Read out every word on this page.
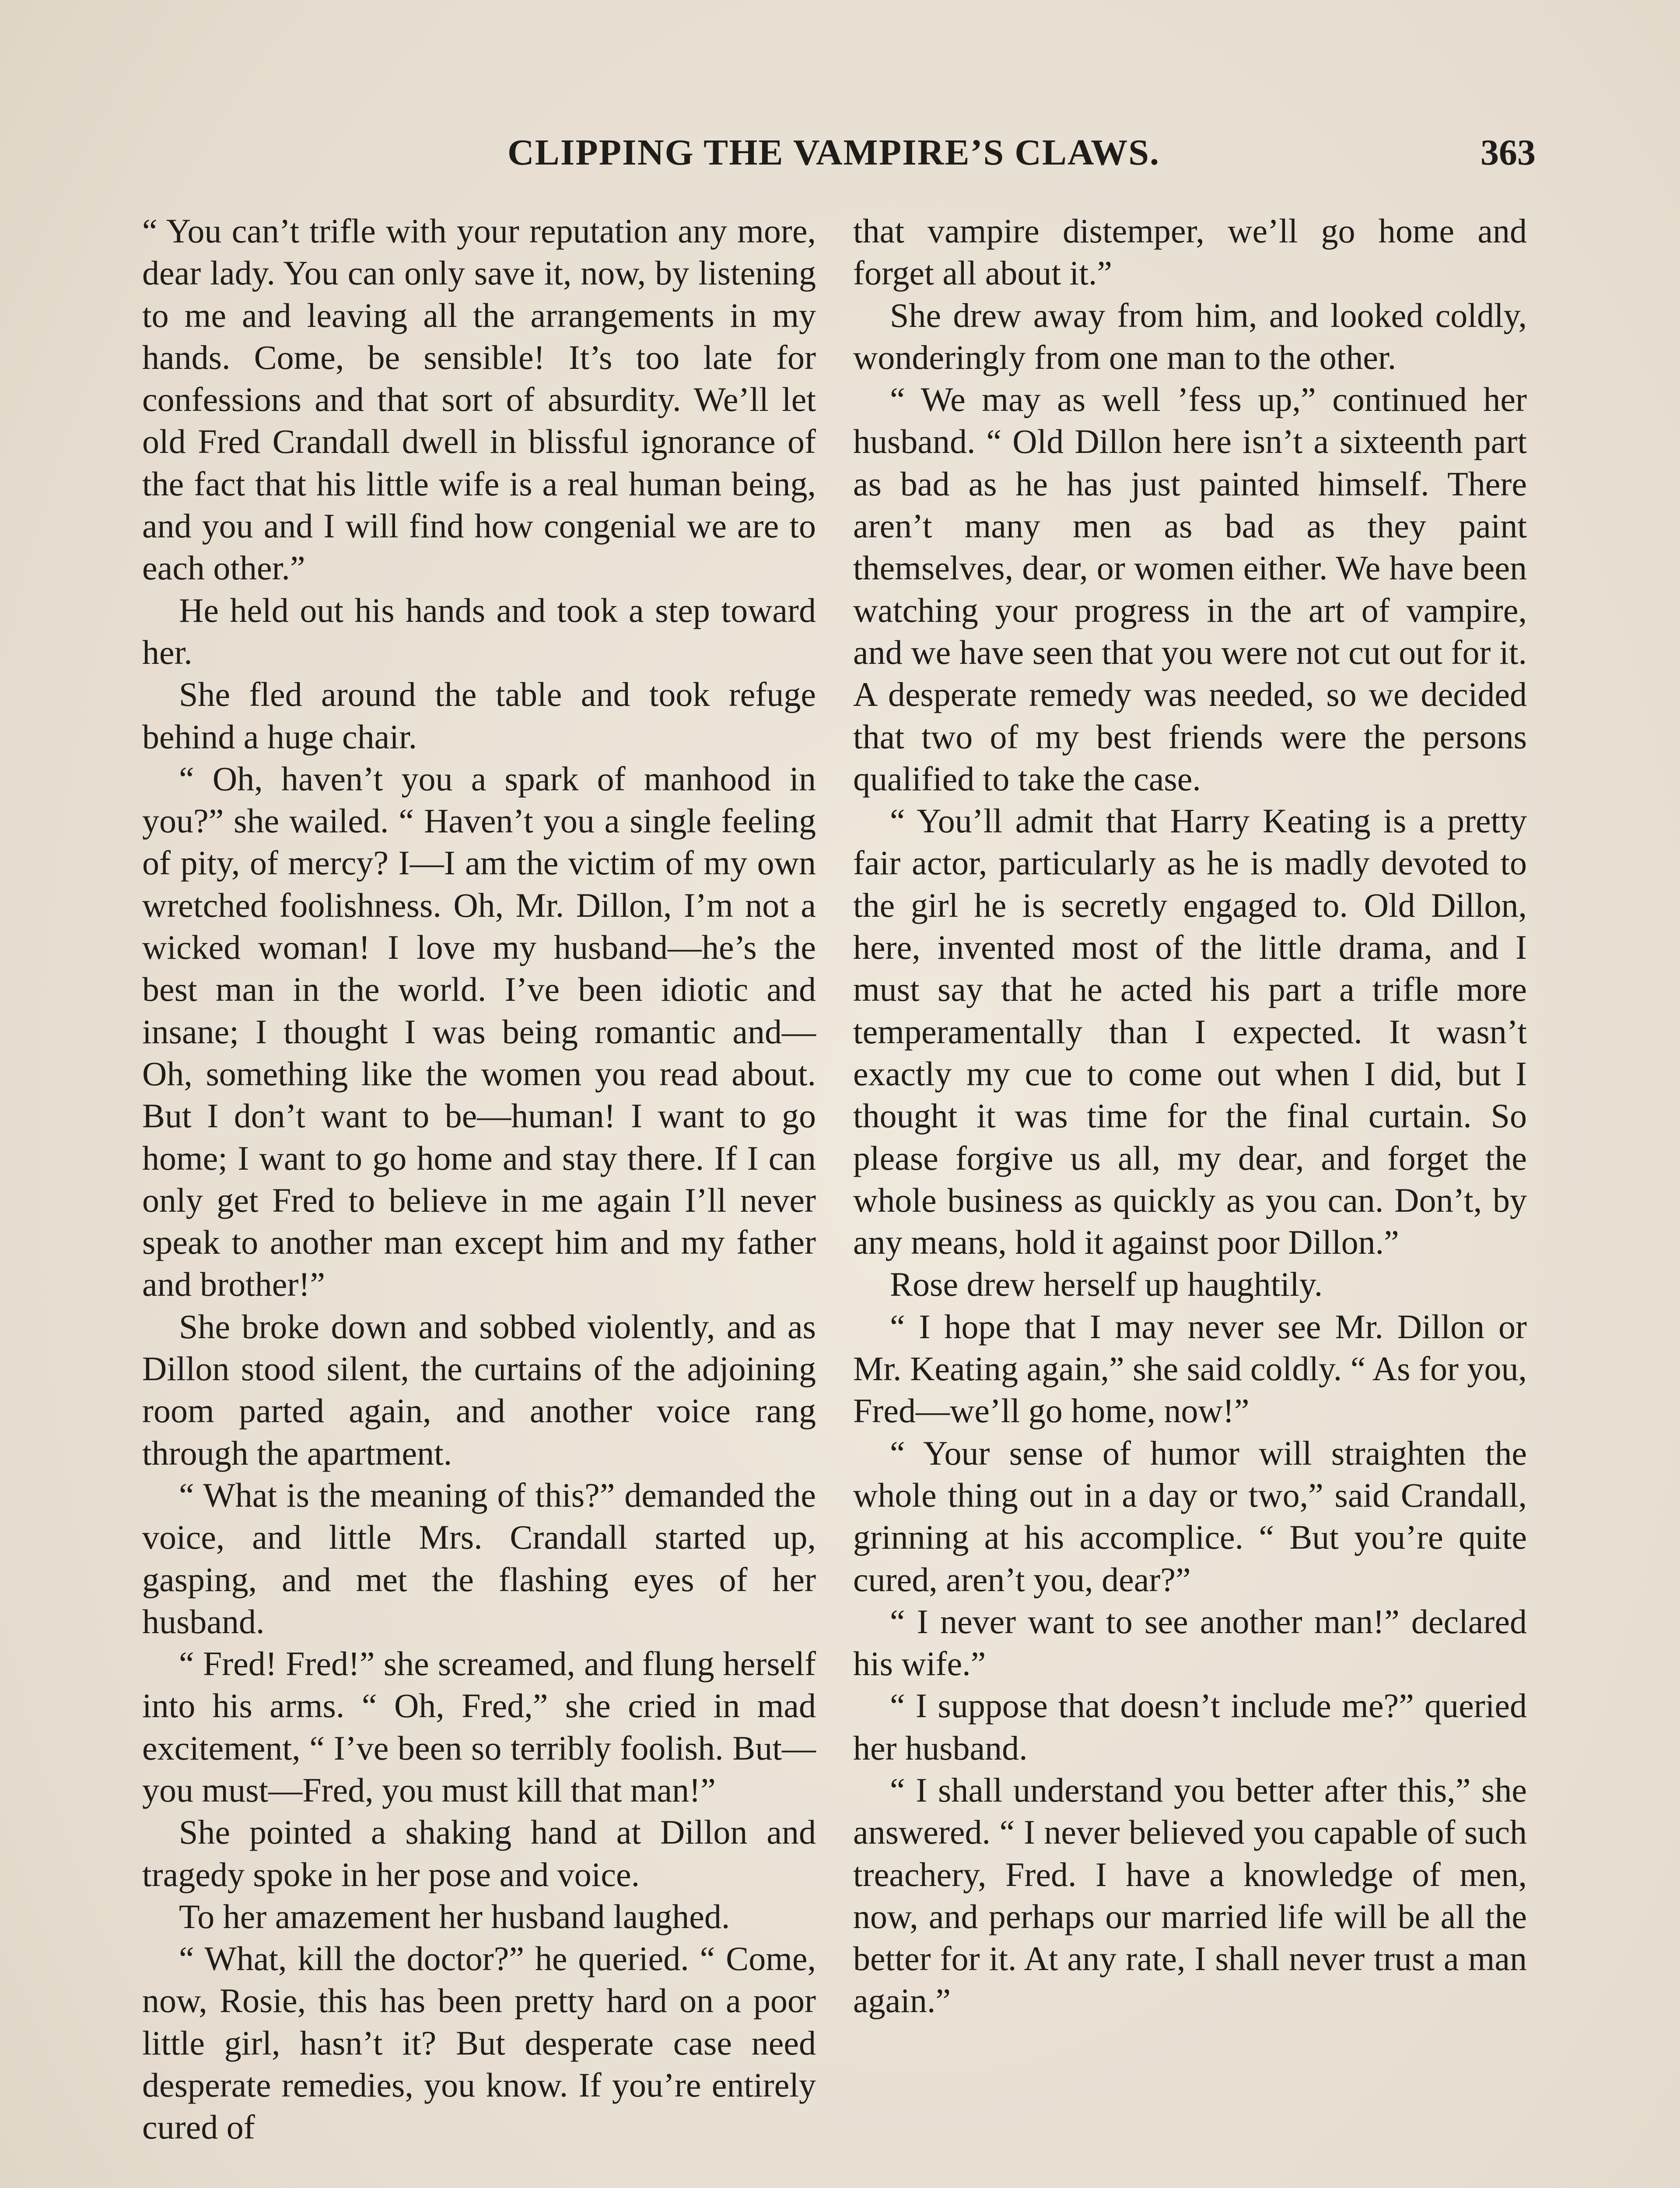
CLIPPING THE VAMPIRE’S CLAWS.	363

“ You can’t trifle with your reputation any more, dear lady. You can only save it, now, by listening to me and leaving all the arrangements in my hands. Come, be sensible! It’s too late for confessions and that sort of absurdity. We’ll let old Fred Crandall dwell in blissful ignorance of the fact that his little wife is a real human being, and you and I will find how congenial we are to each other.”

He held out his hands and took a step toward her.

She fled around the table and took refuge behind a huge chair.

“ Oh, haven’t you a spark of manhood in you?” she wailed. “ Haven’t you a single feeling of pity, of mercy? I—I am the victim of my own wretched foolishness. Oh, Mr. Dillon, I’m not a wicked woman! I love my husband—he’s the best man in the world. I’ve been idiotic and insane; I thought I was being romantic and— Oh, something like the women you read about. But I don’t want to be—human! I want to go home; I want to go home and stay there. If I can only get Fred to believe in me again I’ll never speak to another man except him and my father and brother!”

She broke down and sobbed violently, and as Dillon stood silent, the curtains of the adjoining room parted again, and another voice rang through the apartment.

“ What is the meaning of this?” demanded the voice, and little Mrs. Crandall started up, gasping, and met the flashing eyes of her husband.

“ Fred! Fred!” she screamed, and flung herself into his arms. “ Oh, Fred,” she cried in mad excitement, “ I’ve been so terribly foolish. But—you must—Fred, you must kill that man!”

She pointed a shaking hand at Dillon and tragedy spoke in her pose and voice.

To her amazement her husband laughed.

“ What, kill the doctor?” he queried. “ Come, now, Rosie, this has been pretty hard on a poor little girl, hasn’t it? But desperate case need desperate remedies, you know. If you’re entirely cured of

that vampire distemper, we’ll go home and forget all about it.”

She drew away from him, and looked coldly, wonderingly from one man to the other.

“ We may as well ’fess up,” continued her husband. “ Old Dillon here isn’t a sixteenth part as bad as he has just painted himself. There aren’t many men as bad as they paint themselves, dear, or women either. We have been watching your progress in the art of vampire, and we have seen that you were not cut out for it. A desperate remedy was needed, so we decided that two of my best friends were the persons qualified to take the case.

“ You’ll admit that Harry Keating is a pretty fair actor, particularly as he is madly devoted to the girl he is secretly engaged to. Old Dillon, here, invented most of the little drama, and I must say that he acted his part a trifle more temperamentally than I expected. It wasn’t exactly my cue to come out when I did, but I thought it was time for the final curtain. So please forgive us all, my dear, and forget the whole business as quickly as you can. Don’t, by any means, hold it against poor Dillon.”

Rose drew herself up haughtily.

“ I hope that I may never see Mr. Dillon or Mr. Keating again,” she said coldly. “ As for you, Fred—we’ll go home, now!”

“ Your sense of humor will straighten the whole thing out in a day or two,” said Crandall, grinning at his accomplice. “ But you’re quite cured, aren’t you, dear?”

“ I never want to see another man!” declared his wife.”

“ I suppose that doesn’t include me?” queried her husband.

“ I shall understand you better after this,” she answered. “ I never believed you capable of such treachery, Fred. I have a knowledge of men, now, and perhaps our married life will be all the better for it. At any rate, I shall never trust a man again.”
